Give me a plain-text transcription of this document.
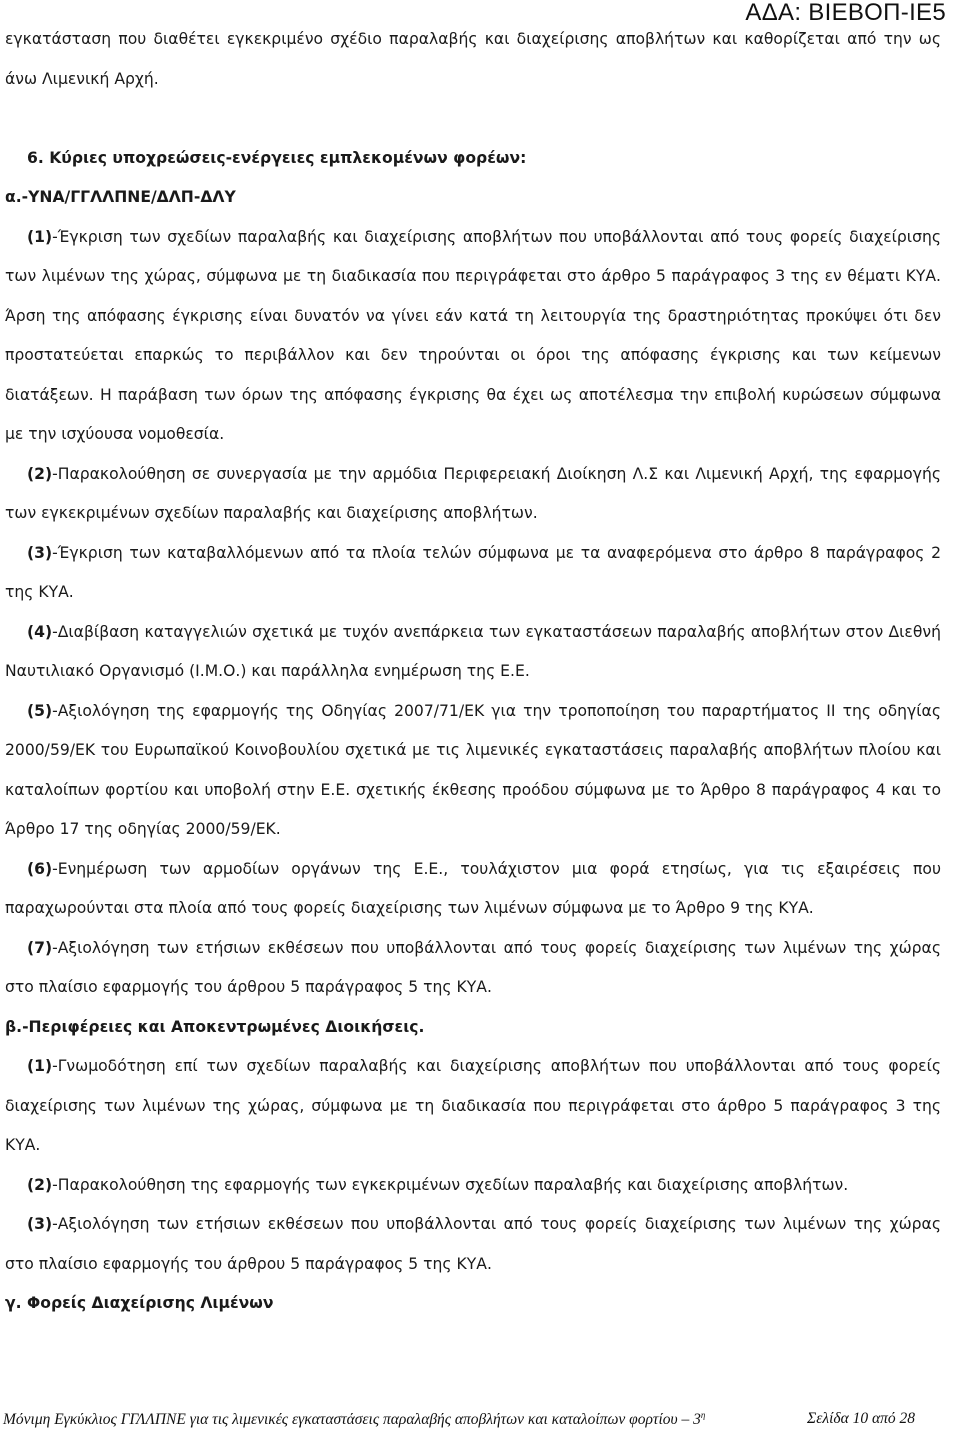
ΑΔΑ: ΒΙΕΒΟΠ-ΙΕ5

εγκατάσταση που διαθέτει εγκεκριμένο σχέδιο παραλαβής και διαχείρισης αποβλήτων και καθορίζεται από την ως άνω Λιμενική Αρχή.

6. Κύριες υποχρεώσεις-ενέργειες εμπλεκομένων φορέων:

α.-ΥΝΑ/ΓΓΛΛΠΝΕ/ΔΛΠ-ΔΛΥ

(1)-Έγκριση των σχεδίων παραλαβής και διαχείρισης αποβλήτων που υποβάλλονται από τους φορείς διαχείρισης των λιμένων της χώρας, σύμφωνα με τη διαδικασία που περιγράφεται στο άρθρο 5 παράγραφος 3 της εν θέματι ΚΥΑ. Άρση της απόφασης έγκρισης είναι δυνατόν να γίνει εάν κατά τη λειτουργία της δραστηριότητας προκύψει ότι δεν προστατεύεται επαρκώς το περιβάλλον και δεν τηρούνται οι όροι της απόφασης έγκρισης και των κείμενων διατάξεων. Η παράβαση των όρων της απόφασης έγκρισης θα έχει ως αποτέλεσμα την επιβολή κυρώσεων σύμφωνα με την ισχύουσα νομοθεσία.

(2)-Παρακολούθηση σε συνεργασία με την αρμόδια Περιφερειακή Διοίκηση Λ.Σ και Λιμενική Αρχή, της εφαρμογής των εγκεκριμένων σχεδίων παραλαβής και διαχείρισης αποβλήτων.

(3)-Έγκριση των καταβαλλόμενων από τα πλοία τελών σύμφωνα με τα αναφερόμενα στο άρθρο 8 παράγραφος 2 της ΚΥΑ.

(4)-Διαβίβαση καταγγελιών σχετικά με τυχόν ανεπάρκεια των εγκαταστάσεων παραλαβής αποβλήτων στον Διεθνή Ναυτιλιακό Οργανισμό (Ι.Μ.Ο.) και παράλληλα ενημέρωση της Ε.Ε.

(5)-Αξιολόγηση της εφαρμογής της Οδηγίας 2007/71/ΕΚ για την τροποποίηση του παραρτήματος ΙΙ της οδηγίας 2000/59/ΕΚ του Ευρωπαϊκού Κοινοβουλίου σχετικά με τις λιμενικές εγκαταστάσεις παραλαβής αποβλήτων πλοίου και καταλοίπων φορτίου και υποβολή στην Ε.Ε. σχετικής έκθεσης προόδου σύμφωνα με το Άρθρο 8 παράγραφος 4 και το Άρθρο 17 της οδηγίας 2000/59/ΕΚ.

(6)-Ενημέρωση των αρμοδίων οργάνων της Ε.Ε., τουλάχιστον μια φορά ετησίως, για τις εξαιρέσεις που παραχωρούνται στα πλοία από τους φορείς διαχείρισης των λιμένων σύμφωνα με το Άρθρο 9 της ΚΥΑ.

(7)-Αξιολόγηση των ετήσιων εκθέσεων που υποβάλλονται από τους φορείς διαχείρισης των λιμένων της χώρας στο πλαίσιο εφαρμογής του άρθρου 5 παράγραφος 5 της ΚΥΑ.

β.-Περιφέρειες και Αποκεντρωμένες Διοικήσεις.

(1)-Γνωμοδότηση επί των σχεδίων παραλαβής και διαχείρισης αποβλήτων που υποβάλλονται από τους φορείς διαχείρισης των λιμένων της χώρας, σύμφωνα με τη διαδικασία που περιγράφεται στο άρθρο 5 παράγραφος 3 της ΚΥΑ.

(2)-Παρακολούθηση της εφαρμογής των εγκεκριμένων σχεδίων παραλαβής και διαχείρισης αποβλήτων.

(3)-Αξιολόγηση των ετήσιων εκθέσεων που υποβάλλονται από τους φορείς διαχείρισης των λιμένων της χώρας στο πλαίσιο εφαρμογής του άρθρου 5 παράγραφος 5 της ΚΥΑ.

γ. Φορείς Διαχείρισης Λιμένων

Μόνιμη Εγκύκλιος ΓΓΛΛΠΝΕ για τις λιμενικές εγκαταστάσεις παραλαβής αποβλήτων και καταλοίπων φορτίου – $3^\eta$	Σελίδα 10 από 28
